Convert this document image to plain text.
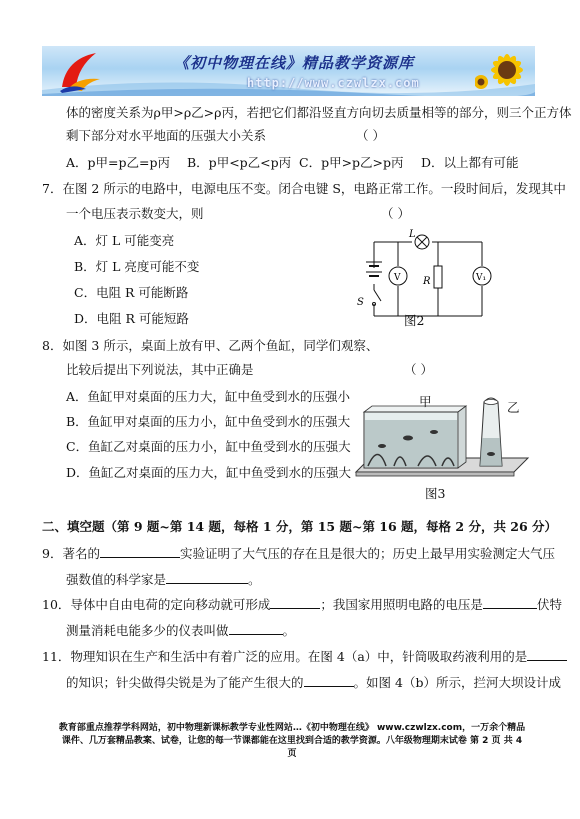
《初中物理在线》精品教学资源库
http://www.czwlzx.com
体的密度关系为ρ甲>ρ乙>ρ丙，若把它们都沿竖直方向切去质量相等的部分，则三个正方体
剩下部分对水平地面的压强大小关系	（ ）
A．p甲=p乙=p丙 B．p甲<p乙<p丙 C．p甲>p乙>p丙 D．以上都有可能
7．在图 2 所示的电路中，电源电压不变。闭合电键 S，电路正常工作。一段时间后，发现其中
一个电压表示数变大，则	（ ）
A．灯 L 可能变亮
B．灯 L 亮度可能不变
C．电阻 R 可能断路
D．电阻 R 可能短路
L
R
S
V	V₁
图2
8．如图 3 所示，桌面上放有甲、乙两个鱼缸，同学们观察、
比较后提出下列说法，其中正确是	（ ）
A．鱼缸甲对桌面的压力大，缸中鱼受到水的压强小
B．鱼缸甲对桌面的压力小，缸中鱼受到水的压强大
C．鱼缸乙对桌面的压力小，缸中鱼受到水的压强大
D．鱼缸乙对桌面的压力大，缸中鱼受到水的压强大
甲	乙
图3
二、填空题（第 9 题~第 14 题，每格 1 分，第 15 题~第 16 题，每格 2 分，共 26 分）
9．著名的	实验证明了大气压的存在且是很大的；历史上最早用实验测定大气压
强数值的科学家是	。
10．导体中自由电荷的定向移动就可形成	；我国家用照明电路的电压是	伏特
测量消耗电能多少的仪表叫做	。
11．物理知识在生产和生活中有着广泛的应用。在图 4（a）中，针筒吸取药液利用的是
的知识；针尖做得尖锐是为了能产生很大的	。如图 4（b）所示，拦河大坝设计成
教育部重点推荐学科网站，初中物理新课标教学专业性网站…《初中物理在线》 www.czwlzx.com，一万余个精品课件、几万套精品教案、试卷，让您的每一节课都能在这里找到合适的教学资源。八年级物理期末试卷 第 2 页 共 4 页
